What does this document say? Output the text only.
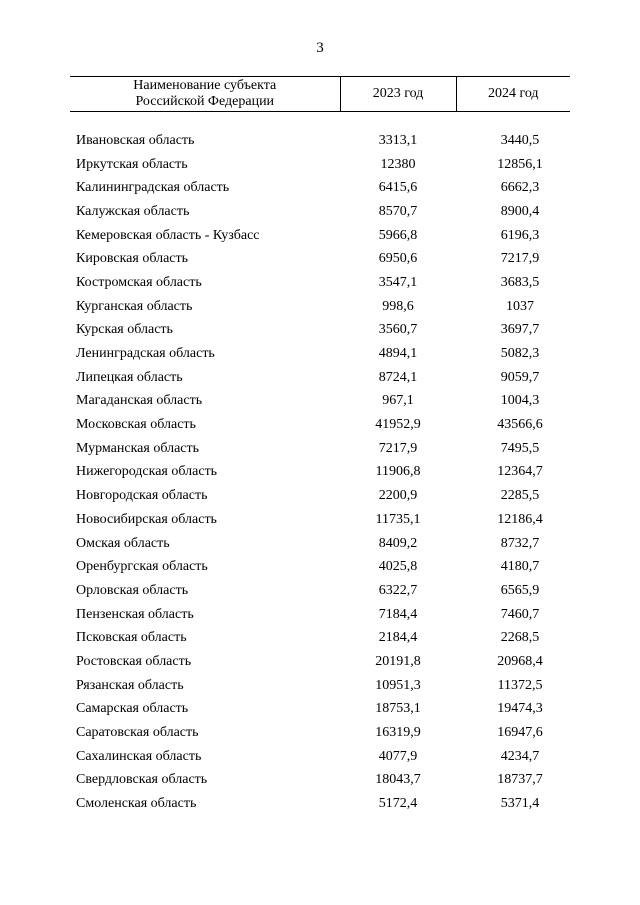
3
Наименование субъекта
Российской Федерации	2023 год	2024 год

Ивановская область	3313,1	3440,5
Иркутская область	12380	12856,1
Калининградская область	6415,6	6662,3
Калужская область	8570,7	8900,4
Кемеровская область - Кузбасс	5966,8	6196,3
Кировская область	6950,6	7217,9
Костромская область	3547,1	3683,5
Курганская область	998,6	1037
Курская область	3560,7	3697,7
Ленинградская область	4894,1	5082,3
Липецкая область	8724,1	9059,7
Магаданская область	967,1	1004,3
Московская область	41952,9	43566,6
Мурманская область	7217,9	7495,5
Нижегородская область	11906,8	12364,7
Новгородская область	2200,9	2285,5
Новосибирская область	11735,1	12186,4
Омская область	8409,2	8732,7
Оренбургская область	4025,8	4180,7
Орловская область	6322,7	6565,9
Пензенская область	7184,4	7460,7
Псковская область	2184,4	2268,5
Ростовская область	20191,8	20968,4
Рязанская область	10951,3	11372,5
Самарская область	18753,1	19474,3
Саратовская область	16319,9	16947,6
Сахалинская область	4077,9	4234,7
Свердловская область	18043,7	18737,7
Смоленская область	5172,4	5371,4
